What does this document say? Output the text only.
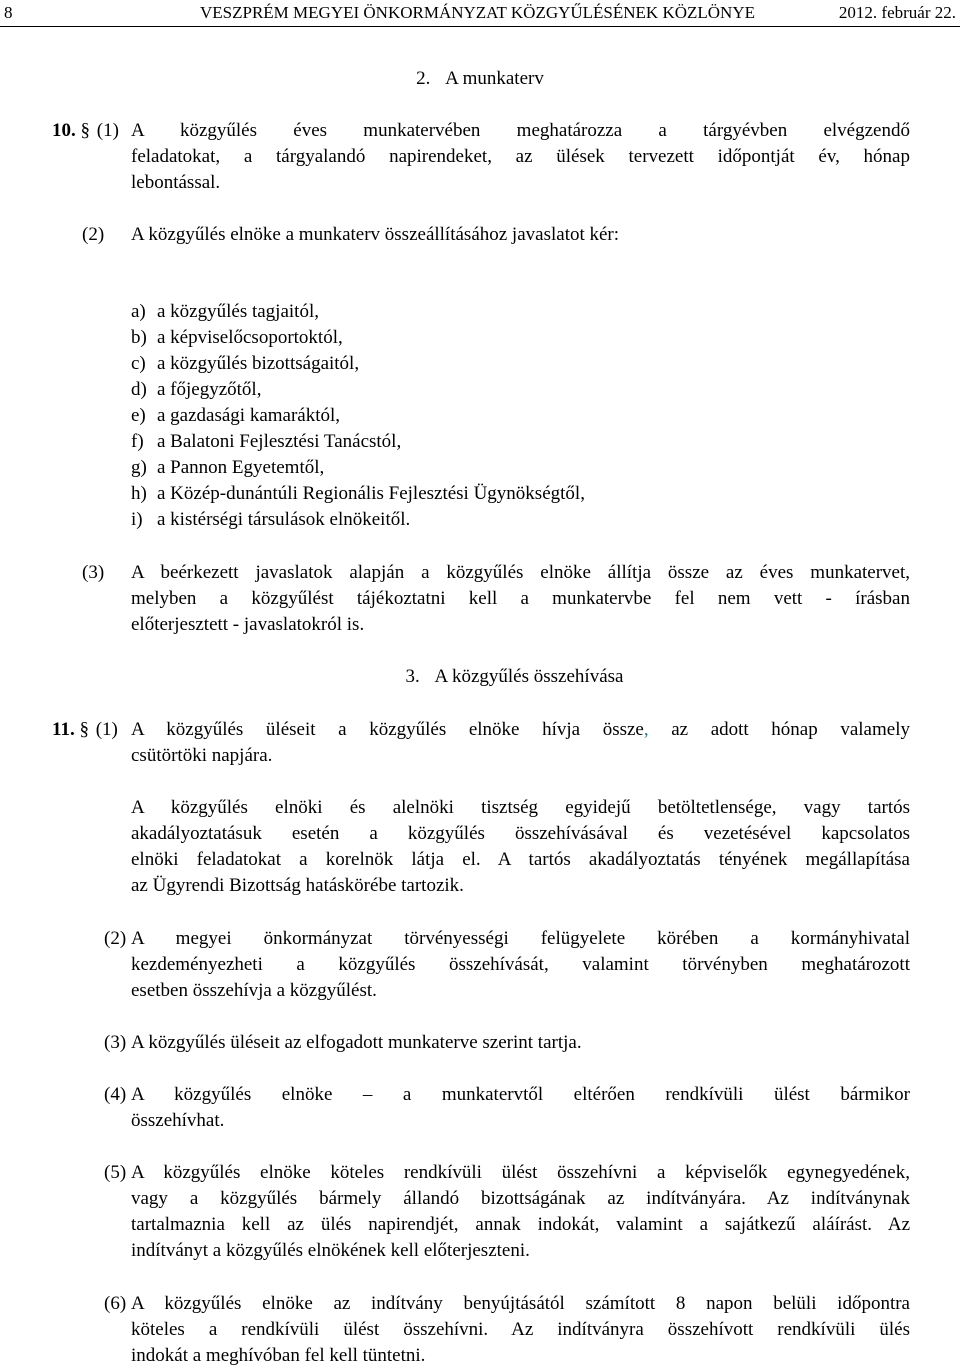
8	VESZPRÉM MEGYEI ÖNKORMÁNYZAT KÖZGYŰLÉSÉNEK KÖZLÖNYE	2012. február 22.
2. A munkaterv
10. § (1) A közgyűlés éves munkatervében meghatározza a tárgyévben elvégzendő
feladatokat, a tárgyalandó napirendeket, az ülések tervezett időpontját év, hónap
lebontással.
(2) A közgyűlés elnöke a munkaterv összeállításához javaslatot kér:
a) a közgyűlés tagjaitól,
b) a képviselőcsoportoktól,
c) a közgyűlés bizottságaitól,
d) a főjegyzőtől,
e) a gazdasági kamaráktól,
f) a Balatoni Fejlesztési Tanácstól,
g) a Pannon Egyetemtől,
h) a Közép-dunántúli Regionális Fejlesztési Ügynökségtől,
i) a kistérségi társulások elnökeitől.
(3) A beérkezett javaslatok alapján a közgyűlés elnöke állítja össze az éves munkatervet,
melyben a közgyűlést tájékoztatni kell a munkatervbe fel nem vett - írásban
előterjesztett - javaslatokról is.
3. A közgyűlés összehívása
11. § (1) A közgyűlés üléseit a közgyűlés elnöke hívja össze, az adott hónap valamely
csütörtöki napjára.
A közgyűlés elnöki és alelnöki tisztség egyidejű betöltetlensége, vagy tartós
akadályoztatásuk esetén a közgyűlés összehívásával és vezetésével kapcsolatos
elnöki feladatokat a korelnök látja el. A tartós akadályoztatás tényének megállapítása
az Ügyrendi Bizottság hatáskörébe tartozik.
(2) A megyei önkormányzat törvényességi felügyelete körében a kormányhivatal
kezdeményezheti a közgyűlés összehívását, valamint törvényben meghatározott
esetben összehívja a közgyűlést.
(3) A közgyűlés üléseit az elfogadott munkaterve szerint tartja.
(4) A közgyűlés elnöke – a munkatervtől eltérően rendkívüli ülést bármikor
összehívhat.
(5) A közgyűlés elnöke köteles rendkívüli ülést összehívni a képviselők egynegyedének,
vagy a közgyűlés bármely állandó bizottságának az indítványára. Az indítványnak
tartalmaznia kell az ülés napirendjét, annak indokát, valamint a sajátkezű aláírást. Az
indítványt a közgyűlés elnökének kell előterjeszteni.
(6) A közgyűlés elnöke az indítvány benyújtásától számított 8 napon belüli időpontra
köteles a rendkívüli ülést összehívni. Az indítványra összehívott rendkívüli ülés
indokát a meghívóban fel kell tüntetni.
